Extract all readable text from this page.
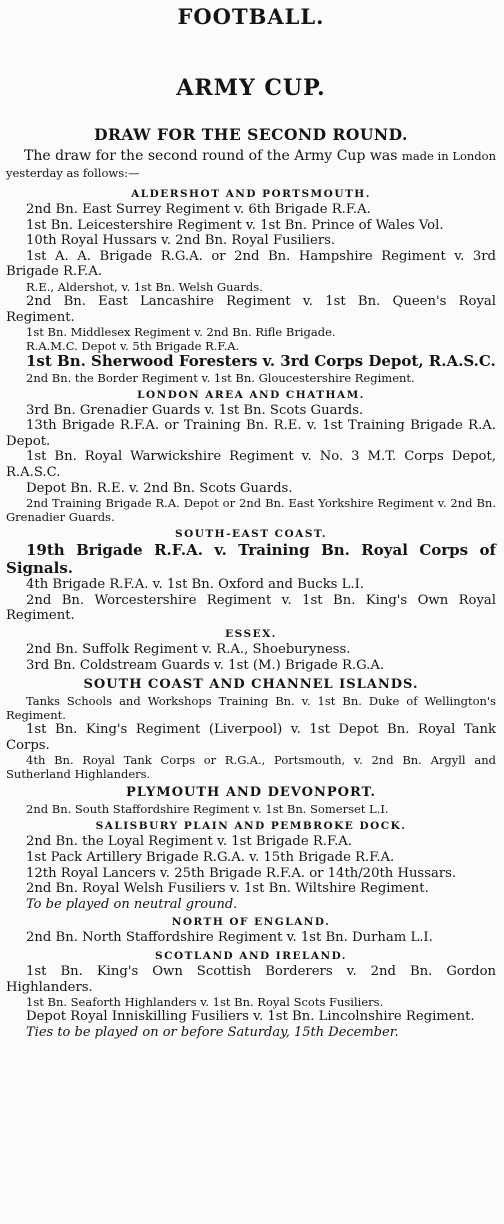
FOOTBALL.
ARMY CUP.
DRAW FOR THE SECOND ROUND.

The draw for the second round of the Army Cup was made in London yesterday as follows:—

ALDERSHOT AND PORTSMOUTH.

2nd Bn. East Surrey Regiment v. 6th Brigade R.F.A.

1st Bn. Leicestershire Regiment v. 1st Bn. Prince of Wales Vol.

10th Royal Hussars v. 2nd Bn. Royal Fusiliers.

1st A. A. Brigade R.G.A. or 2nd Bn. Hampshire Regiment v. 3rd Brigade R.F.A.

R.E., Aldershot, v. 1st Bn. Welsh Guards.

2nd Bn. East Lancashire Regiment v. 1st Bn. Queen's Royal Regiment.

1st Bn. Middlesex Regiment v. 2nd Bn. Rifle Brigade.

R.A.M.C. Depot v. 5th Brigade R.F.A.

1st Bn. Sherwood Foresters v. 3rd Corps Depot, R.A.S.C.

2nd Bn. the Border Regiment v. 1st Bn. Gloucestershire Regiment.

LONDON AREA AND CHATHAM.

3rd Bn. Grenadier Guards v. 1st Bn. Scots Guards.

13th Brigade R.F.A. or Training Bn. R.E. v. 1st Training Brigade R.A. Depot.

1st Bn. Royal Warwickshire Regiment v. No. 3 M.T. Corps Depot, R.A.S.C.

Depot Bn. R.E. v. 2nd Bn. Scots Guards.

2nd Training Brigade R.A. Depot or 2nd Bn. East Yorkshire Regiment v. 2nd Bn. Grenadier Guards.

SOUTH-EAST COAST.

19th Brigade R.F.A. v. Training Bn. Royal Corps of Signals.

4th Brigade R.F.A. v. 1st Bn. Oxford and Bucks L.I.

2nd Bn. Worcestershire Regiment v. 1st Bn. King's Own Royal Regiment.

ESSEX.

2nd Bn. Suffolk Regiment v. R.A., Shoeburyness.

3rd Bn. Coldstream Guards v. 1st (M.) Brigade R.G.A.

SOUTH COAST AND CHANNEL ISLANDS.

Tanks Schools and Workshops Training Bn. v. 1st Bn. Duke of Wellington's Regiment.

1st Bn. King's Regiment (Liverpool) v. 1st Depot Bn. Royal Tank Corps.

4th Bn. Royal Tank Corps or R.G.A., Portsmouth, v. 2nd Bn. Argyll and Sutherland Highlanders.

PLYMOUTH AND DEVONPORT.

2nd Bn. South Staffordshire Regiment v. 1st Bn. Somerset L.I.

SALISBURY PLAIN AND PEMBROKE DOCK.

2nd Bn. the Loyal Regiment v. 1st Brigade R.F.A.

1st Pack Artillery Brigade R.G.A. v. 15th Brigade R.F.A.

12th Royal Lancers v. 25th Brigade R.F.A. or 14th/20th Hussars.

2nd Bn. Royal Welsh Fusiliers v. 1st Bn. Wiltshire Regiment.

To be played on neutral ground.

NORTH OF ENGLAND.

2nd Bn. North Staffordshire Regiment v. 1st Bn. Durham L.I.

SCOTLAND AND IRELAND.

1st Bn. King's Own Scottish Borderers v. 2nd Bn. Gordon Highlanders.

1st Bn. Seaforth Highlanders v. 1st Bn. Royal Scots Fusiliers.

Depot Royal Inniskilling Fusiliers v. 1st Bn. Lincolnshire Regiment.

Ties to be played on or before Saturday, 15th December.
